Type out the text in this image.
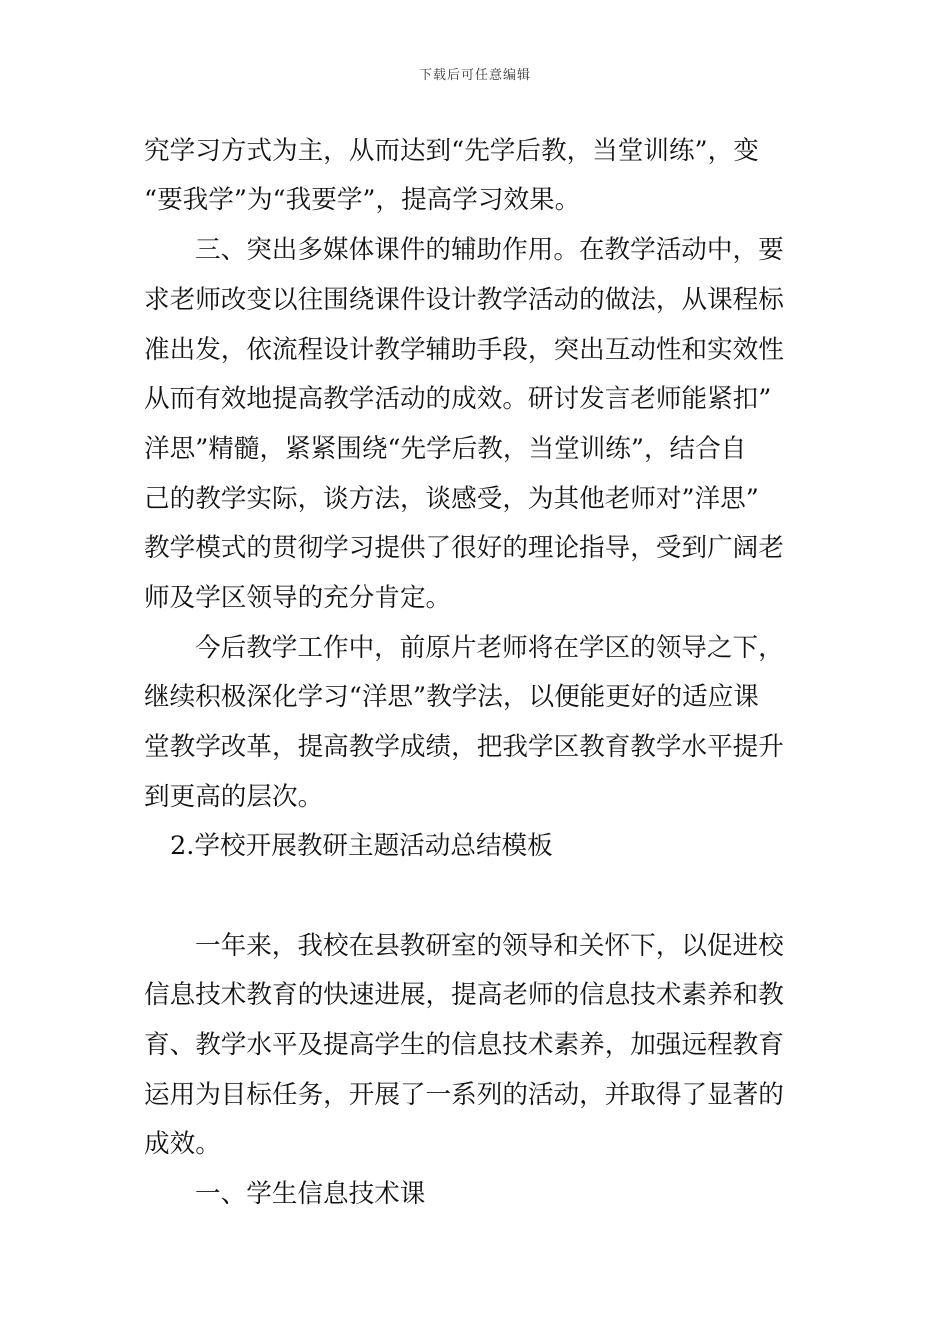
下载后可任意编辑
究学习方式为主，从而达到“先学后教，当堂训练”，变
“要我学”为“我要学”，提高学习效果。
三、突出多媒体课件的辅助作用。在教学活动中，要
求老师改变以往围绕课件设计教学活动的做法，从课程标
准出发，依流程设计教学辅助手段，突出互动性和实效性
从而有效地提高教学活动的成效。研讨发言老师能紧扣”
洋思”精髓，紧紧围绕“先学后教，当堂训练”，结合自
己的教学实际，谈方法，谈感受，为其他老师对”洋思”
教学模式的贯彻学习提供了很好的理论指导，受到广阔老
师及学区领导的充分肯定。
今后教学工作中，前原片老师将在学区的领导之下，
继续积极深化学习“洋思”教学法，以便能更好的适应课
堂教学改革，提高教学成绩，把我学区教育教学水平提升
到更高的层次。
2.学校开展教研主题活动总结模板
一年来，我校在县教研室的领导和关怀下，以促进校
信息技术教育的快速进展，提高老师的信息技术素养和教
育、教学水平及提高学生的信息技术素养，加强远程教育
运用为目标任务，开展了一系列的活动，并取得了显著的
成效。
一、学生信息技术课
